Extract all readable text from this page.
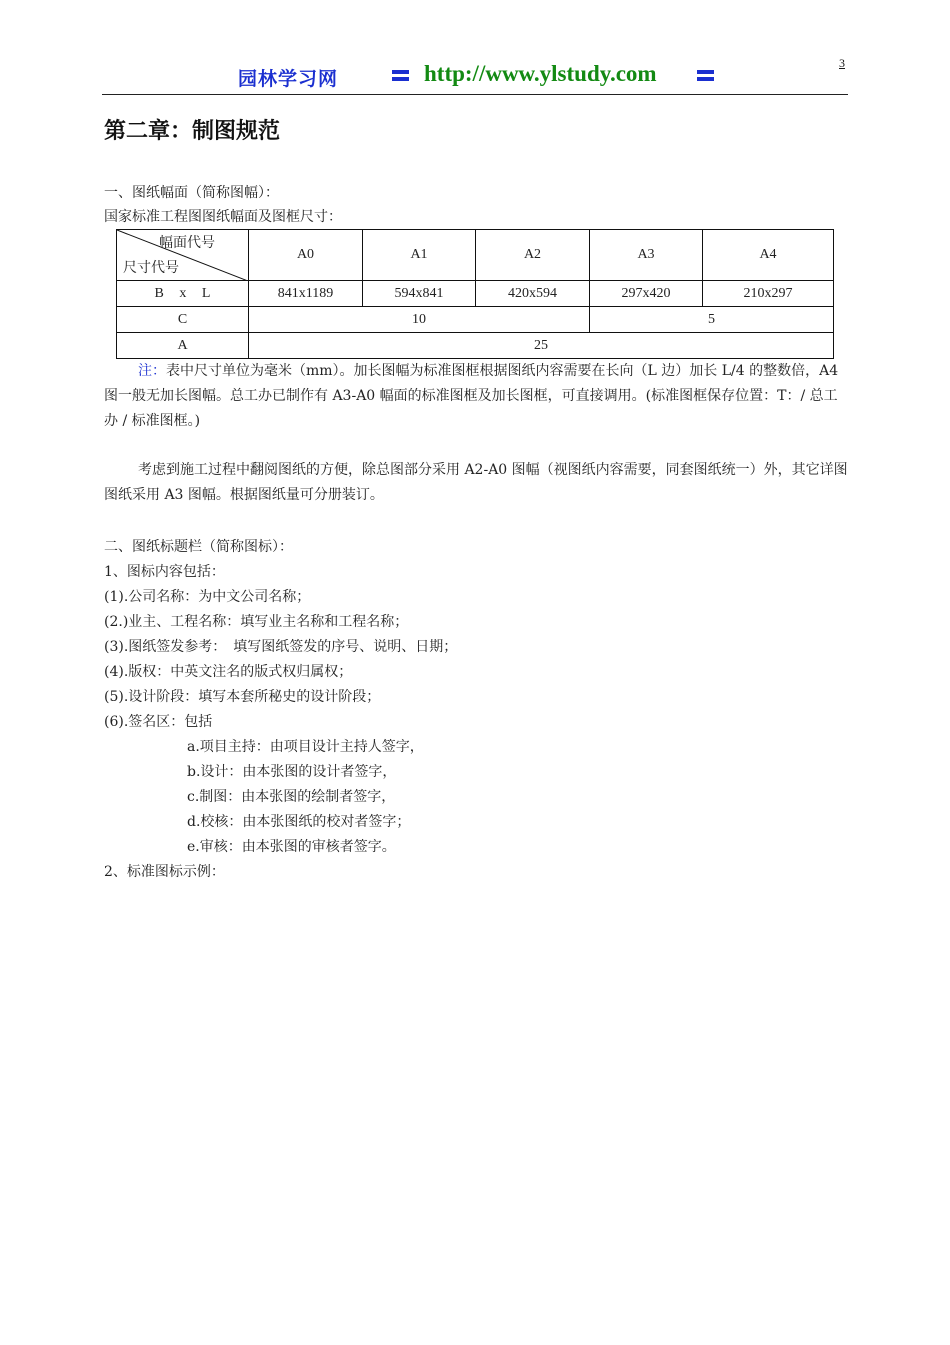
园林学习网	http://www.ylstudy.com	3
第二章：制图规范
一、图纸幅面（简称图幅）：
国家标准工程图图纸幅面及图框尺寸：
幅面代号
尺寸代号	A0	A1	A2	A3	A4
B x L	841x1189	594x841	420x594	297x420	210x297
C	10			5	
A	25				
注：表中尺寸单位为毫米（mm）。加长图幅为标准图框根据图纸内容需要在长向（L 边）加长 L/4 的整数倍，A4 图一般无加长图幅。总工办已制作有 A3-A0 幅面的标准图框及加长图框，可直接调用。(标准图框保存位置：T：/ 总工办 / 标准图框。)
考虑到施工过程中翻阅图纸的方便，除总图部分采用 A2-A0 图幅（视图纸内容需要，同套图纸统一）外，其它详图图纸采用 A3 图幅。根据图纸量可分册装订。
二、图纸标题栏（简称图标）：
1、图标内容包括：
(1).公司名称：为中文公司名称；
(2.)业主、工程名称：填写业主名称和工程名称；
(3).图纸签发参考：　填写图纸签发的序号、说明、日期；
(4).版权：中英文注名的版式权归属权；
(5).设计阶段：填写本套所秘史的设计阶段；
(6).签名区：包括
a.项目主持：由项目设计主持人签字，
b.设计：由本张图的设计者签字，
c.制图：由本张图的绘制者签字，
d.校核：由本张图纸的校对者签字；
e.审核：由本张图的审核者签字。
2、标准图标示例：
